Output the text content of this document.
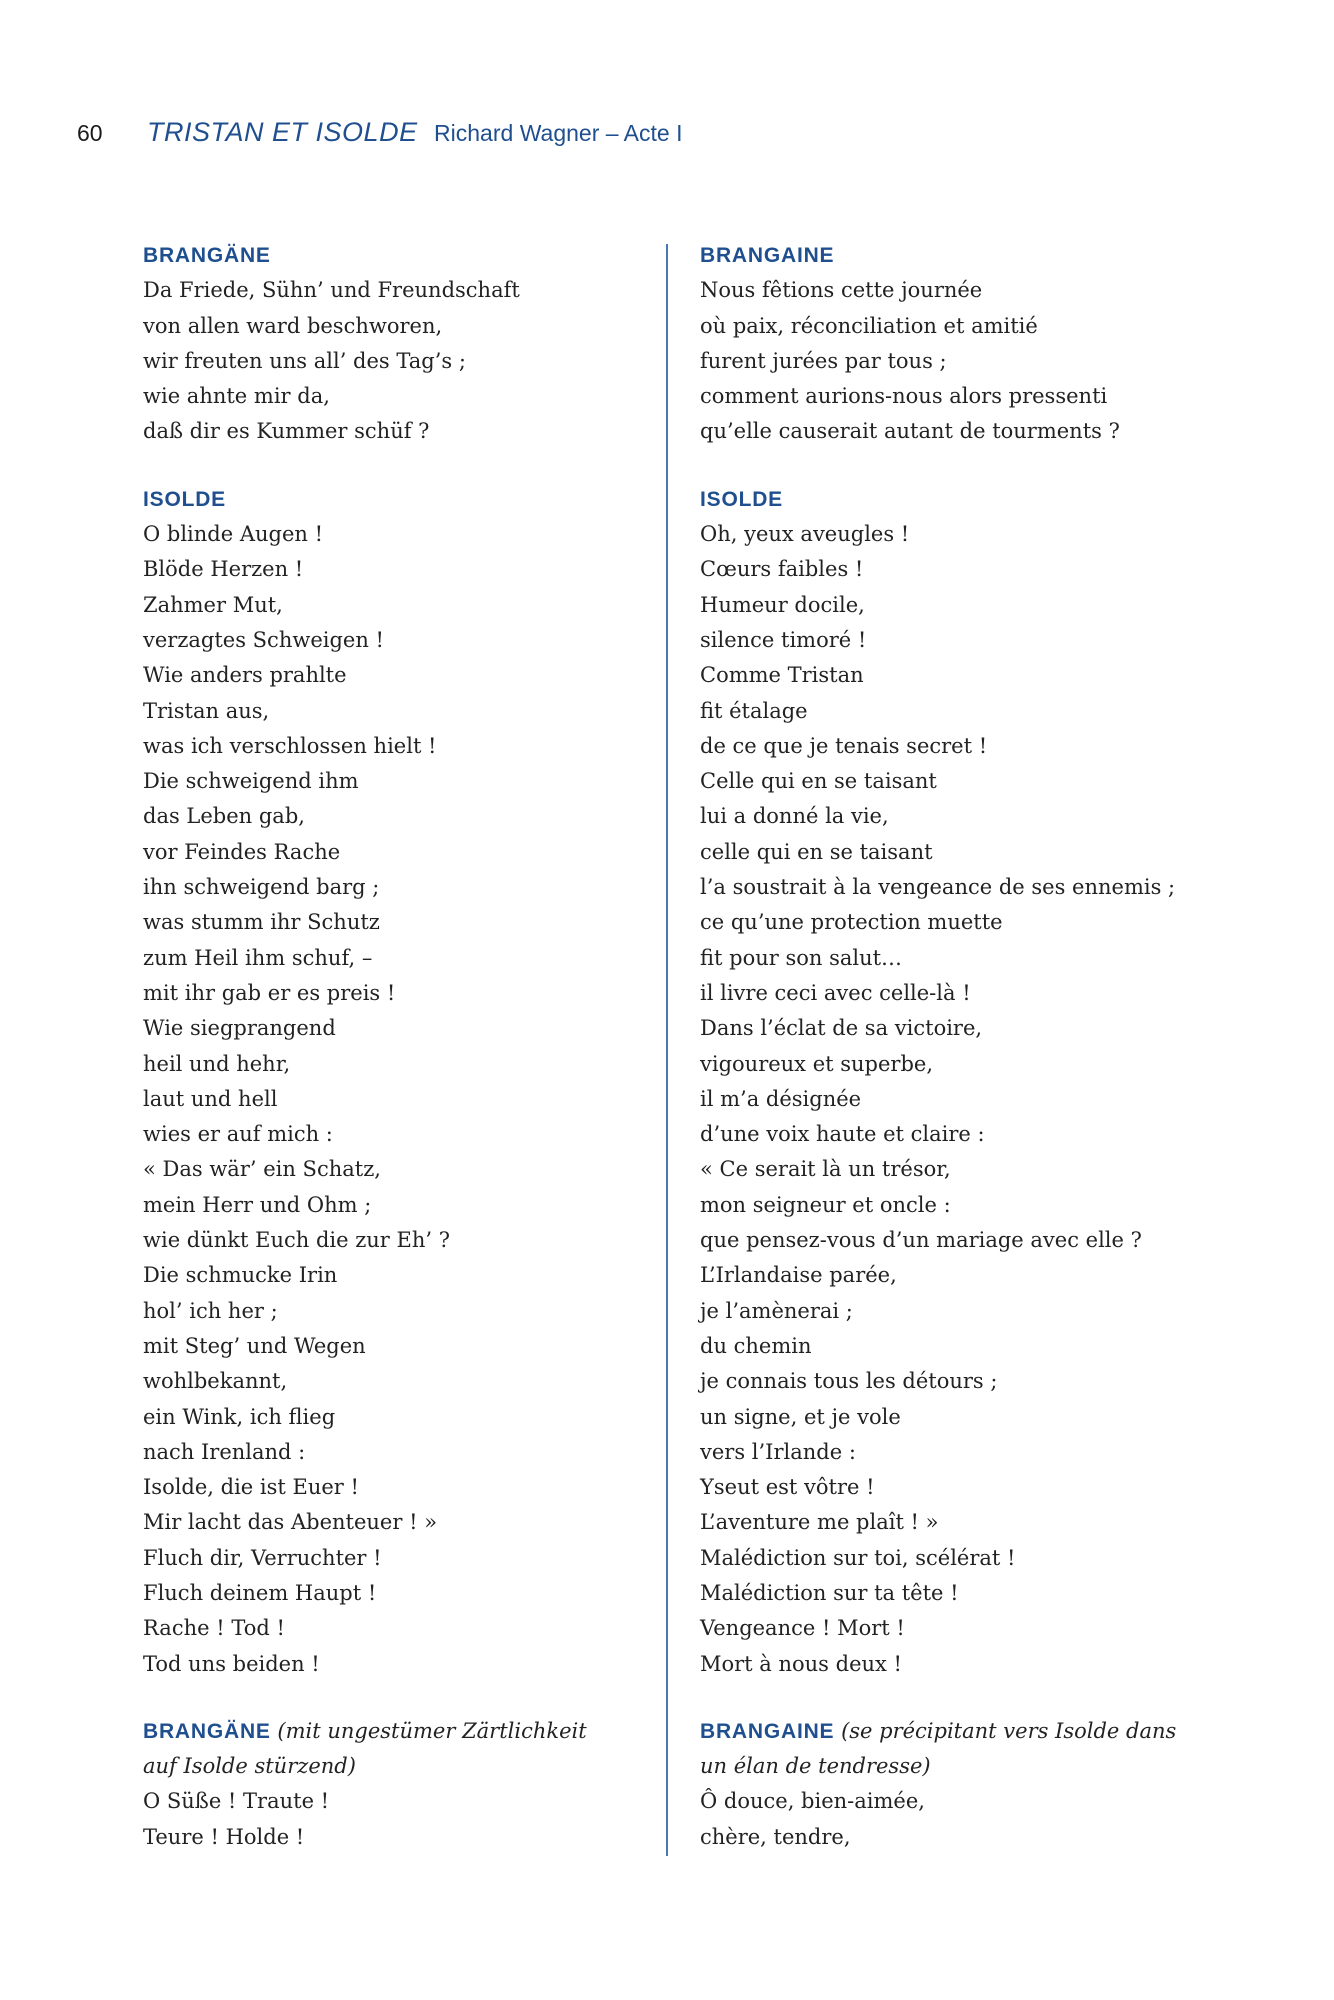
60 TRISTAN ET ISOLDE Richard Wagner – Acte I
BRANGÄNE
Da Friede, Sühn’ und Freundschaft
von allen ward beschworen,
wir freuten uns all’ des Tag’s ;
wie ahnte mir da,
daß dir es Kummer schüf ?
ISOLDE
O blinde Augen !
Blöde Herzen !
Zahmer Mut,
verzagtes Schweigen !
Wie anders prahlte
Tristan aus,
was ich verschlossen hielt !
Die schweigend ihm
das Leben gab,
vor Feindes Rache
ihn schweigend barg ;
was stumm ihr Schutz
zum Heil ihm schuf, –
mit ihr gab er es preis !
Wie siegprangend
heil und hehr,
laut und hell
wies er auf mich :
« Das wär’ ein Schatz,
mein Herr und Ohm ;
wie dünkt Euch die zur Eh’ ?
Die schmucke Irin
hol’ ich her ;
mit Steg’ und Wegen
wohlbekannt,
ein Wink, ich flieg
nach Irenland :
Isolde, die ist Euer !
Mir lacht das Abenteuer ! »
Fluch dir, Verruchter !
Fluch deinem Haupt !
Rache ! Tod !
Tod uns beiden !
BRANGÄNE (mit ungestümer Zärtlichkeit
auf Isolde stürzend)
O Süße ! Traute !
Teure ! Holde !
BRANGAINE
Nous fêtions cette journée
où paix, réconciliation et amitié
furent jurées par tous ;
comment aurions-nous alors pressenti
qu’elle causerait autant de tourments ?
ISOLDE
Oh, yeux aveugles !
Cœurs faibles !
Humeur docile,
silence timoré !
Comme Tristan
fit étalage
de ce que je tenais secret !
Celle qui en se taisant
lui a donné la vie,
celle qui en se taisant
l’a soustrait à la vengeance de ses ennemis ;
ce qu’une protection muette
fit pour son salut…
il livre ceci avec celle-là !
Dans l’éclat de sa victoire,
vigoureux et superbe,
il m’a désignée
d’une voix haute et claire :
« Ce serait là un trésor,
mon seigneur et oncle :
que pensez-vous d’un mariage avec elle ?
L’Irlandaise parée,
je l’amènerai ;
du chemin
je connais tous les détours ;
un signe, et je vole
vers l’Irlande :
Yseut est vôtre !
L’aventure me plaît ! »
Malédiction sur toi, scélérat !
Malédiction sur ta tête !
Vengeance ! Mort !
Mort à nous deux !
BRANGAINE (se précipitant vers Isolde dans
un élan de tendresse)
Ô douce, bien-aimée,
chère, tendre,
